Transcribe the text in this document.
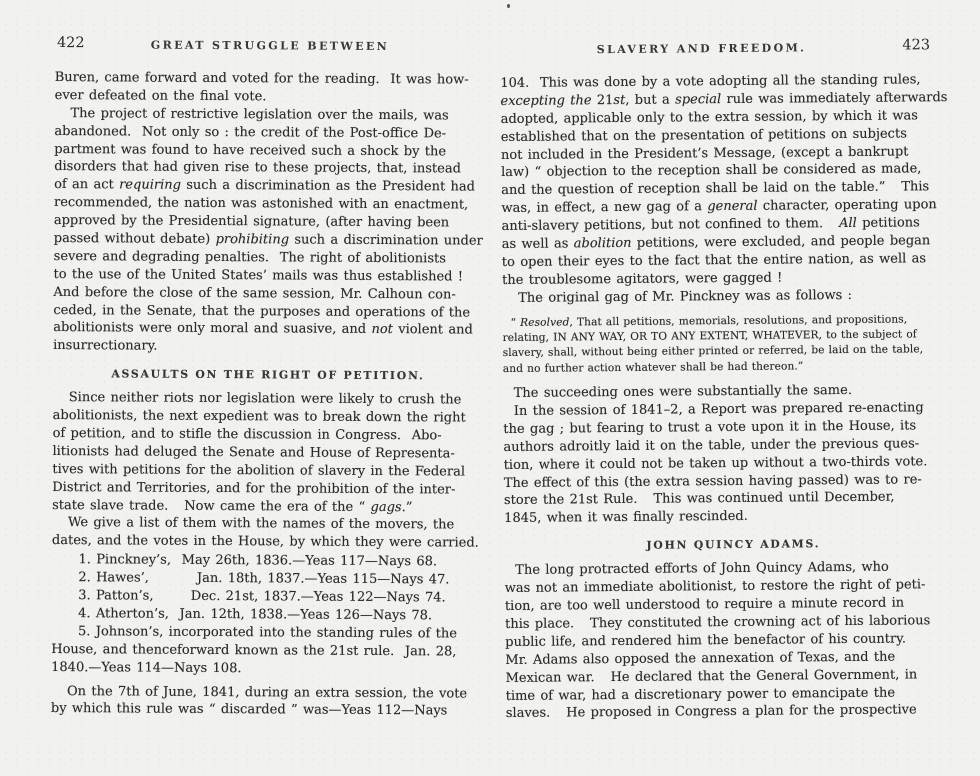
422	GREAT STRUGGLE BETWEEN
Buren, came forward and voted for the reading.  It was how-
ever defeated on the final vote.
The project of restrictive legislation over the mails, was
abandoned.  Not only so : the credit of the Post-office De-
partment was found to have received such a shock by the
disorders that had given rise to these projects, that, instead
of an act requiring such a discrimination as the President had
recommended, the nation was astonished with an enactment,
approved by the Presidential signature, (after having been
passed without debate) prohibiting such a discrimination under
severe and degrading penalties.  The right of abolitionists
to the use of the United States’ mails was thus established !
And before the close of the same session, Mr. Calhoun con-
ceded, in the Senate, that the purposes and operations of the
abolitionists were only moral and suasive, and not violent and
insurrectionary.
ASSAULTS ON THE RIGHT OF PETITION.
Since neither riots nor legislation were likely to crush the
abolitionists, the next expedient was to break down the right
of petition, and to stifle the discussion in Congress.  Abo-
litionists had deluged the Senate and House of Representa-
tives with petitions for the abolition of slavery in the Federal
District and Territories, and for the prohibition of the inter-
state slave trade.   Now came the era of the “ gags.”
We give a list of them with the names of the movers, the
dates, and the votes in the House, by which they were carried.
1. Pinckney’s,  May 26th, 1836.—Yeas 117—Nays 68.
2. Hawes’,         Jan. 18th, 1837.—Yeas 115—Nays 47.
3. Patton’s,       Dec. 21st, 1837.—Yeas 122—Nays 74.
4. Atherton’s,  Jan. 12th, 1838.—Yeas 126—Nays 78.
5. Johnson’s, incorporated into the standing rules of the
House, and thenceforward known as the 21st rule.  Jan. 28,
1840.—Yeas 114—Nays 108.
On the 7th of June, 1841, during an extra session, the vote
by which this rule was “ discarded ” was—Yeas 112—Nays
SLAVERY AND FREEDOM.	423
104.  This was done by a vote adopting all the standing rules,
excepting the 21st, but a special rule was immediately afterwards
adopted, applicable only to the extra session, by which it was
established that on the presentation of petitions on subjects
not included in the President’s Message, (except a bankrupt
law) “ objection to the reception shall be considered as made,
and the question of reception shall be laid on the table.”   This
was, in effect, a new gag of a general character, operating upon
anti-slavery petitions, but not confined to them.   All petitions
as well as abolition petitions, were excluded, and people began
to open their eyes to the fact that the entire nation, as well as
the troublesome agitators, were gagged !
The original gag of Mr. Pinckney was as follows :
“ Resolved, That all petitions, memorials, resolutions, and propositions,
relating, IN ANY WAY, OR TO ANY EXTENT, WHATEVER, to the subject of
slavery, shall, without being either printed or referred, be laid on the table,
and no further action whatever shall be had thereon.”
The succeeding ones were substantially the same.
In the session of 1841–2, a Report was prepared re-enacting
the gag ; but fearing to trust a vote upon it in the House, its
authors adroitly laid it on the table, under the previous ques-
tion, where it could not be taken up without a two-thirds vote.
The effect of this (the extra session having passed) was to re-
store the 21st Rule.   This was continued until December,
1845, when it was finally rescinded.
JOHN QUINCY ADAMS.
The long protracted efforts of John Quincy Adams, who
was not an immediate abolitionist, to restore the right of peti-
tion, are too well understood to require a minute record in
this place.   They constituted the crowning act of his laborious
public life, and rendered him the benefactor of his country.
Mr. Adams also opposed the annexation of Texas, and the
Mexican war.   He declared that the General Government, in
time of war, had a discretionary power to emancipate the
slaves.   He proposed in Congress a plan for the prospective
